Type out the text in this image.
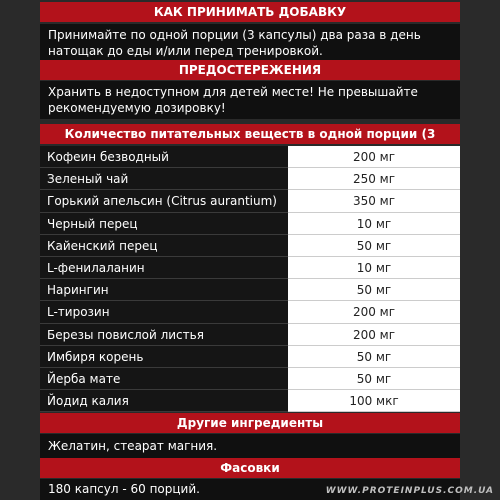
КАК ПРИНИМАТЬ ДОБАВКУ
Принимайте по одной порции (3 капсулы) два раза в день натощак до еды и/или перед тренировкой.
ПРЕДОСТЕРЕЖЕНИЯ
Хранить в недоступном для детей месте! Не превышайте рекомендуемую дозировку!
Количество питательных веществ в одной порции (3
Кофеин безводный	200 мг
Зеленый чай	250 мг
Горький апельсин (Citrus aurantium)	350 мг
Черный перец	10 мг
Кайенский перец	50 мг
L-фенилаланин	10 мг
Нарингин	50 мг
L-тирозин	200 мг
Березы повислой листья	200 мг
Имбиря корень	50 мг
Йерба мате	50 мг
Йодид калия	100 мкг
Другие ингредиенты
Желатин, стеарат магния.
Фасовки
180 капсул - 60 порций.	WWW.PROTEINPLUS.COM.UA
